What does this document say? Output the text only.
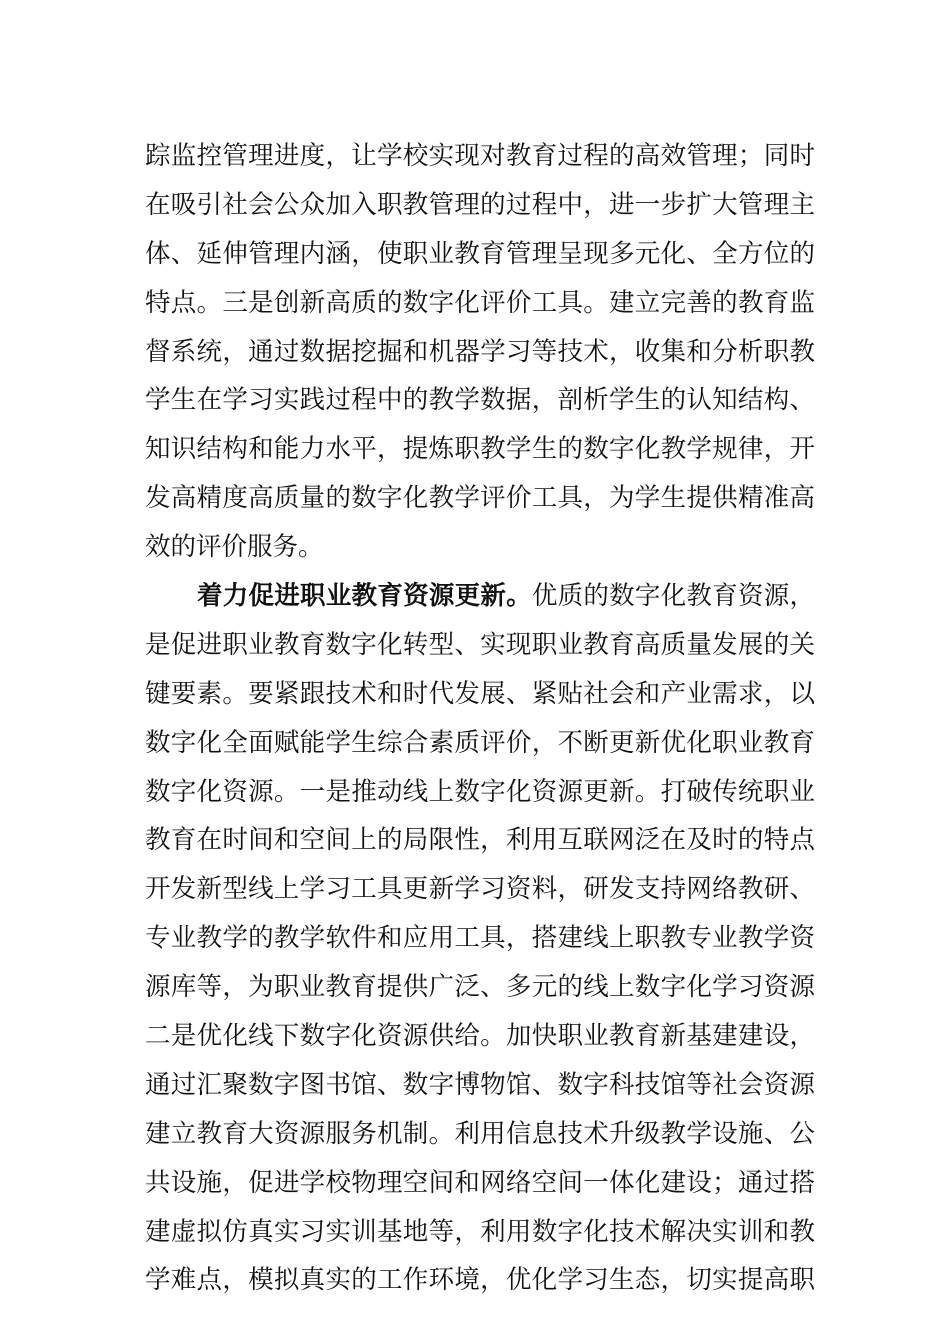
踪监控管理进度，让学校实现对教育过程的高效管理；同时
在吸引社会公众加入职教管理的过程中，进一步扩大管理主
体、延伸管理内涵，使职业教育管理呈现多元化、全方位的
特点。三是创新高质的数字化评价工具。建立完善的教育监
督系统，通过数据挖掘和机器学习等技术，收集和分析职教
学生在学习实践过程中的教学数据，剖析学生的认知结构、
知识结构和能力水平，提炼职教学生的数字化教学规律，开
发高精度高质量的数字化教学评价工具，为学生提供精准高
效的评价服务。
着力促进职业教育资源更新。优质的数字化教育资源，
是促进职业教育数字化转型、实现职业教育高质量发展的关
键要素。要紧跟技术和时代发展、紧贴社会和产业需求，以
数字化全面赋能学生综合素质评价，不断更新优化职业教育
数字化资源。一是推动线上数字化资源更新。打破传统职业
教育在时间和空间上的局限性，利用互联网泛在及时的特点
开发新型线上学习工具更新学习资料，研发支持网络教研、
专业教学的教学软件和应用工具，搭建线上职教专业教学资
源库等，为职业教育提供广泛、多元的线上数字化学习资源
二是优化线下数字化资源供给。加快职业教育新基建建设，
通过汇聚数字图书馆、数字博物馆、数字科技馆等社会资源
建立教育大资源服务机制。利用信息技术升级教学设施、公
共设施，促进学校物理空间和网络空间一体化建设；通过搭
建虚拟仿真实习实训基地等，利用数字化技术解决实训和教
学难点，模拟真实的工作环境，优化学习生态，切实提高职
